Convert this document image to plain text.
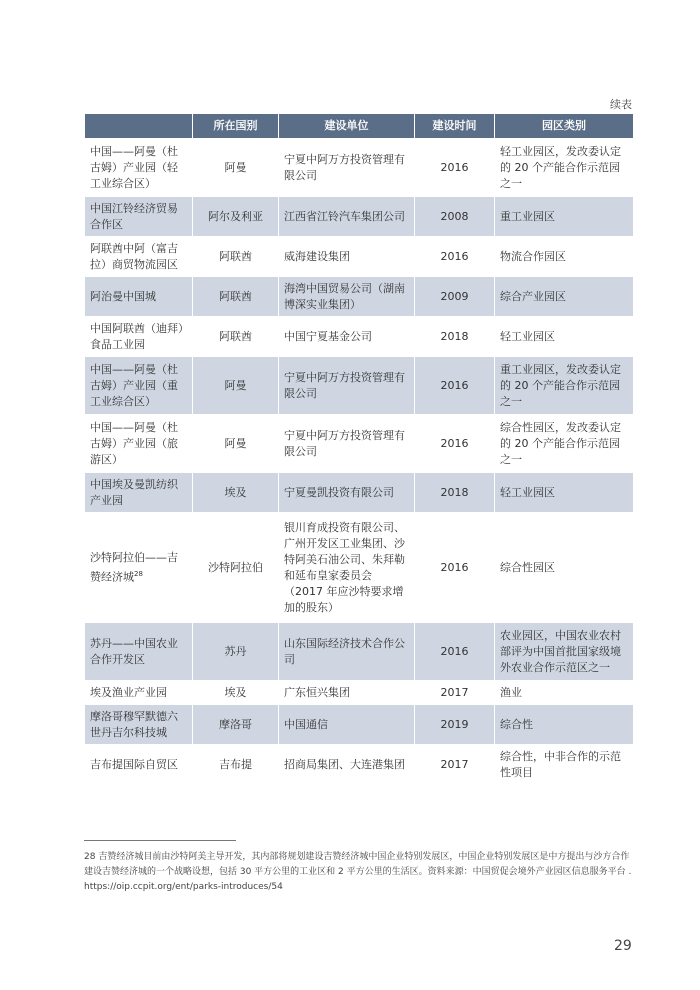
续表
	所在国别	建设单位	建设时间	园区类别
中国——阿曼（杜古姆）产业园（轻工业综合区）	阿曼	宁夏中阿万方投资管理有限公司	2016	轻工业园区，发改委认定的 20 个产能合作示范园之一
中国江铃经济贸易合作区	阿尔及利亚	江西省江铃汽车集团公司	2008	重工业园区
阿联酋中阿（富吉拉）商贸物流园区	阿联酋	威海建设集团	2016	物流合作园区
阿治曼中国城	阿联酋	海湾中国贸易公司（湖南博深实业集团）	2009	综合产业园区
中国阿联酋（迪拜）食品工业园	阿联酋	中国宁夏基金公司	2018	轻工业园区
中国——阿曼（杜古姆）产业园（重工业综合区）	阿曼	宁夏中阿万方投资管理有限公司	2016	重工业园区，发改委认定的 20 个产能合作示范园之一
中国——阿曼（杜古姆）产业园（旅游区）	阿曼	宁夏中阿万方投资管理有限公司	2016	综合性园区，发改委认定的 20 个产能合作示范园之一
中国埃及曼凯纺织产业园	埃及	宁夏曼凯投资有限公司	2018	轻工业园区
沙特阿拉伯——吉赞经济城$^{28}$	沙特阿拉伯	银川育成投资有限公司、广州开发区工业集团、沙特阿美石油公司、朱拜勒和延布皇家委员会（2017 年应沙特要求增加的股东）	2016	综合性园区
苏丹——中国农业合作开发区	苏丹	山东国际经济技术合作公司	2016	农业园区，中国农业农村部评为中国首批国家级境外农业合作示范区之一
埃及渔业产业园	埃及	广东恒兴集团	2017	渔业
摩洛哥穆罕默德六世丹吉尔科技城	摩洛哥	中国通信	2019	综合性
吉布提国际自贸区	吉布提	招商局集团、大连港集团	2017	综合性，中非合作的示范性项目
28 吉赞经济城目前由沙特阿美主导开发，其内部将规划建设吉赞经济城中国企业特别发展区，中国企业特别发展区是中方提出与沙方合作建设吉赞经济城的一个战略设想，包括 30 平方公里的工业区和 2 平方公里的生活区。资料来源：中国贸促会境外产业园区信息服务平台 . https://oip.ccpit.org/ent/parks-introduces/54
29
